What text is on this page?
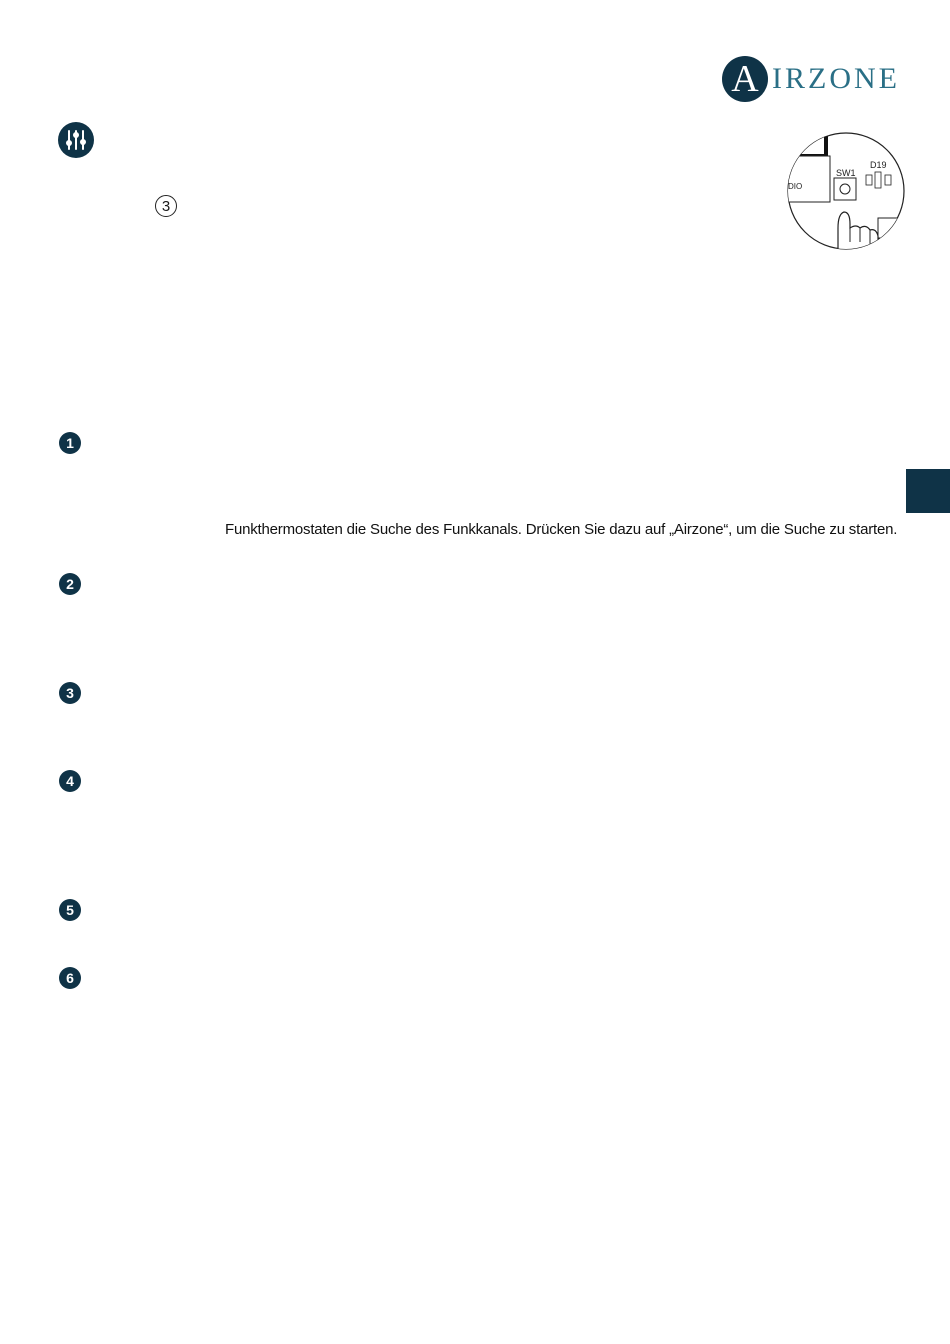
A IRZONE
3
DIO
SW1
D19
1
2
3
4
5
6
Funkthermostaten die Suche des Funkkanals. Drücken Sie dazu auf „Airzone“, um die Suche zu starten.
